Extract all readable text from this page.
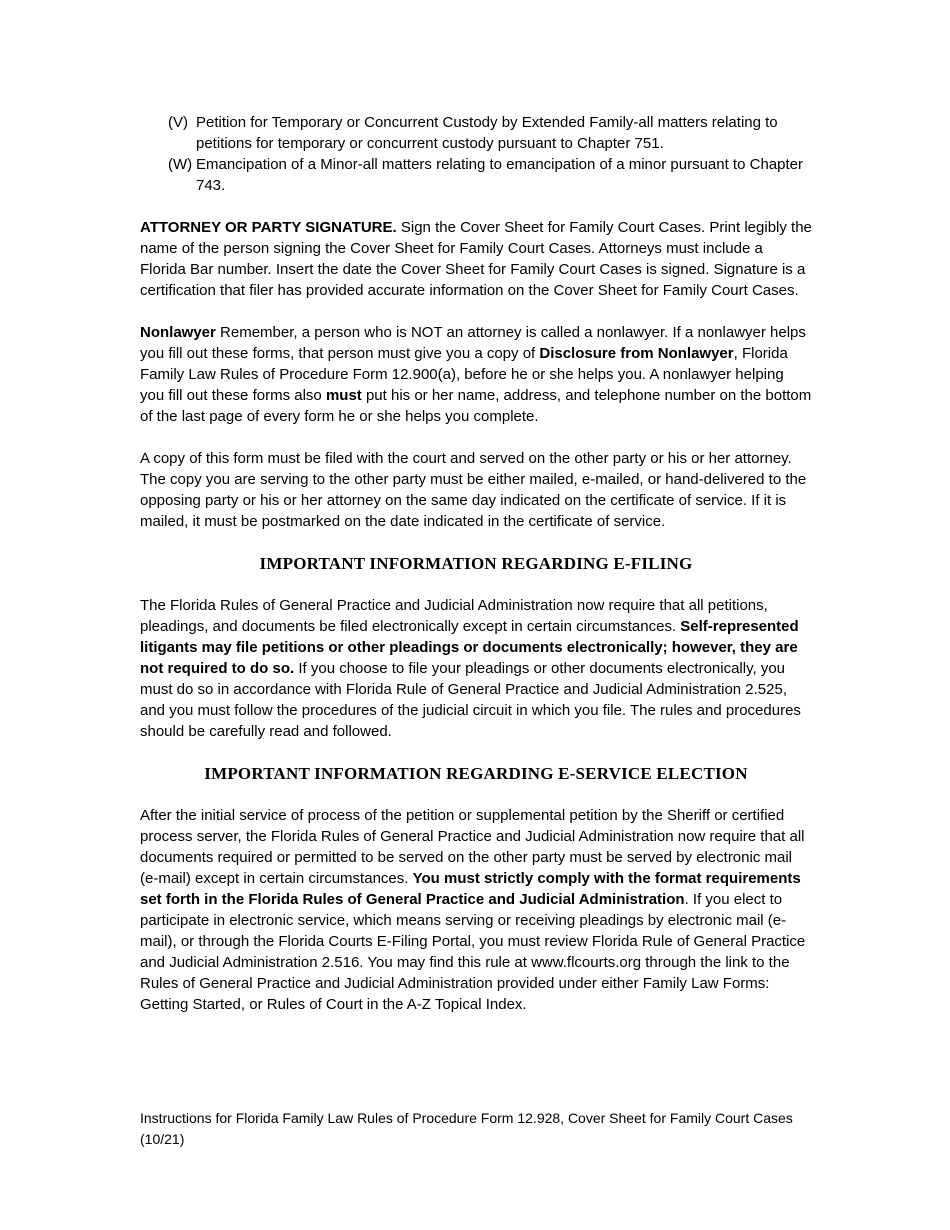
(V) Petition for Temporary or Concurrent Custody by Extended Family-all matters relating to petitions for temporary or concurrent custody pursuant to Chapter 751.
(W) Emancipation of a Minor-all matters relating to emancipation of a minor pursuant to Chapter 743.

ATTORNEY OR PARTY SIGNATURE. Sign the Cover Sheet for Family Court Cases. Print legibly the name of the person signing the Cover Sheet for Family Court Cases. Attorneys must include a Florida Bar number. Insert the date the Cover Sheet for Family Court Cases is signed. Signature is a certification that filer has provided accurate information on the Cover Sheet for Family Court Cases.

Nonlawyer Remember, a person who is NOT an attorney is called a nonlawyer. If a nonlawyer helps you fill out these forms, that person must give you a copy of Disclosure from Nonlawyer, Florida Family Law Rules of Procedure Form 12.900(a), before he or she helps you. A nonlawyer helping you fill out these forms also must put his or her name, address, and telephone number on the bottom of the last page of every form he or she helps you complete.

A copy of this form must be filed with the court and served on the other party or his or her attorney. The copy you are serving to the other party must be either mailed, e-mailed, or hand-delivered to the opposing party or his or her attorney on the same day indicated on the certificate of service. If it is mailed, it must be postmarked on the date indicated in the certificate of service.

IMPORTANT INFORMATION REGARDING E-FILING

The Florida Rules of General Practice and Judicial Administration now require that all petitions, pleadings, and documents be filed electronically except in certain circumstances. Self-represented litigants may file petitions or other pleadings or documents electronically; however, they are not required to do so. If you choose to file your pleadings or other documents electronically, you must do so in accordance with Florida Rule of General Practice and Judicial Administration 2.525, and you must follow the procedures of the judicial circuit in which you file. The rules and procedures should be carefully read and followed.

IMPORTANT INFORMATION REGARDING E-SERVICE ELECTION

After the initial service of process of the petition or supplemental petition by the Sheriff or certified process server, the Florida Rules of General Practice and Judicial Administration now require that all documents required or permitted to be served on the other party must be served by electronic mail (e-mail) except in certain circumstances. You must strictly comply with the format requirements set forth in the Florida Rules of General Practice and Judicial Administration. If you elect to participate in electronic service, which means serving or receiving pleadings by electronic mail (e-mail), or through the Florida Courts E-Filing Portal, you must review Florida Rule of General Practice and Judicial Administration 2.516. You may find this rule at www.flcourts.org through the link to the Rules of General Practice and Judicial Administration provided under either Family Law Forms: Getting Started, or Rules of Court in the A-Z Topical Index.

Instructions for Florida Family Law Rules of Procedure Form 12.928, Cover Sheet for Family Court Cases (10/21)
